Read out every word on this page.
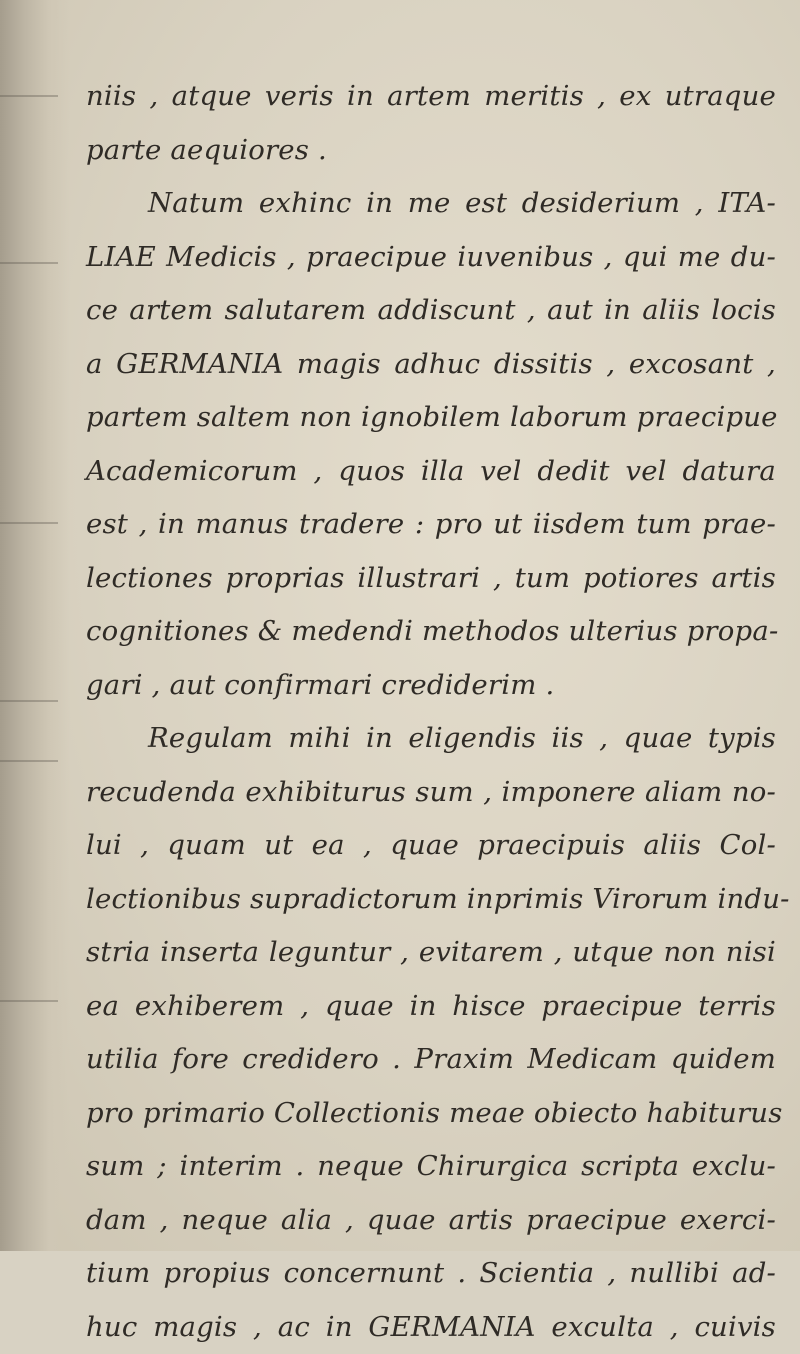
niis , atque veris in artem meritis , ex utraque
parte aequiores .
Natum exhinc in me est desiderium , ITA-
LIAE Medicis , praecipue iuvenibus , qui me du-
ce artem salutarem addiscunt , aut in aliis locis
a GERMANIA magis adhuc dissitis , excosant ,
partem saltem non ignobilem laborum praecipue
Academicorum , quos illa vel dedit vel datura
est , in manus tradere : pro ut iisdem tum prae-
lectiones proprias illustrari , tum potiores artis
cognitiones & medendi methodos ulterius propa-
gari , aut confirmari crediderim .
Regulam mihi in eligendis iis , quae typis
recudenda exhibiturus sum , imponere aliam no-
lui , quam ut ea , quae praecipuis aliis Col-
lectionibus supradictorum inprimis Virorum indu-
stria inserta leguntur , evitarem , utque non nisi
ea exhiberem , quae in hisce praecipue terris
utilia fore credidero . Praxim Medicam quidem
pro primario Collectionis meae obiecto habiturus
sum ; interim . neque Chirurgica scripta exclu-
dam , neque alia , quae artis praecipue exerci-
tium propius concernunt . Scientia , nullibi ad-
huc magis , ac in GERMANIA exculta , cuivis
